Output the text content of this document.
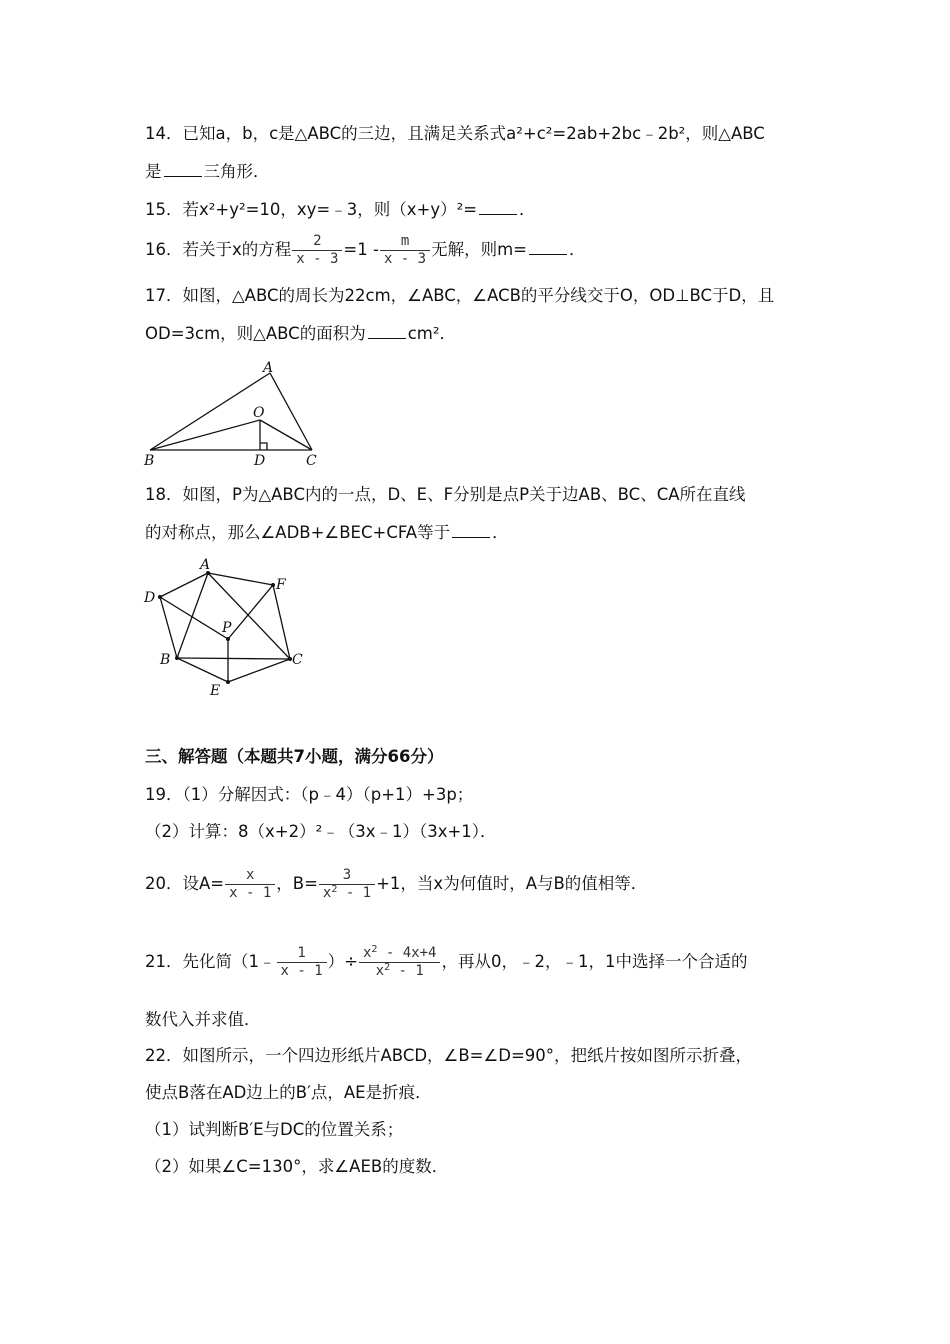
14．已知a，b，c是△ABC的三边，且满足关系式a²+c²=2ab+2bc﹣2b²，则△ABC
是	三角形．
15．若x²+y²=10，xy=﹣3，则（x+y）²=	．
16．若关于x的方程 $\frac{2}{x - 3} =1 - \frac{m}{x - 3}$ 无解，则m=	．
17．如图，△ABC的周长为22cm，∠ABC，∠ACB的平分线交于O，OD⊥BC于D，且
OD=3cm，则△ABC的面积为	cm²．
A
O
B	D	C
18．如图，P为△ABC内的一点，D、E、F分别是点P关于边AB、BC、CA所在直线
的对称点，那么∠ADB+∠BEC+CFA等于	．
A
F
D
P
B	C
E
三、解答题（本题共7小题，满分66分）
19．（1）分解因式：（p﹣4）（p+1）+3p；
（2）计算：8（x+2）²﹣（3x﹣1）（3x+1）．
20．设$A= \frac{x}{x - 1}$ ，$B= \frac{3}{x^2 - 1} +1$，当x为何值时，A与B的值相等．
21．先化简（1﹣ $\frac{1}{x - 1}$ ）÷ $\frac{x^2 - 4x+4}{x^2 - 1}$ ，再从0，﹣2，﹣1，1中选择一个合适的
数代入并求值．
22．如图所示，一个四边形纸片ABCD，∠B=∠D=90°，把纸片按如图所示折叠，
使点B落在AD边上的B′点，AE是折痕．
（1）试判断B′E与DC的位置关系；
（2）如果∠C=130°，求∠AEB的度数．
